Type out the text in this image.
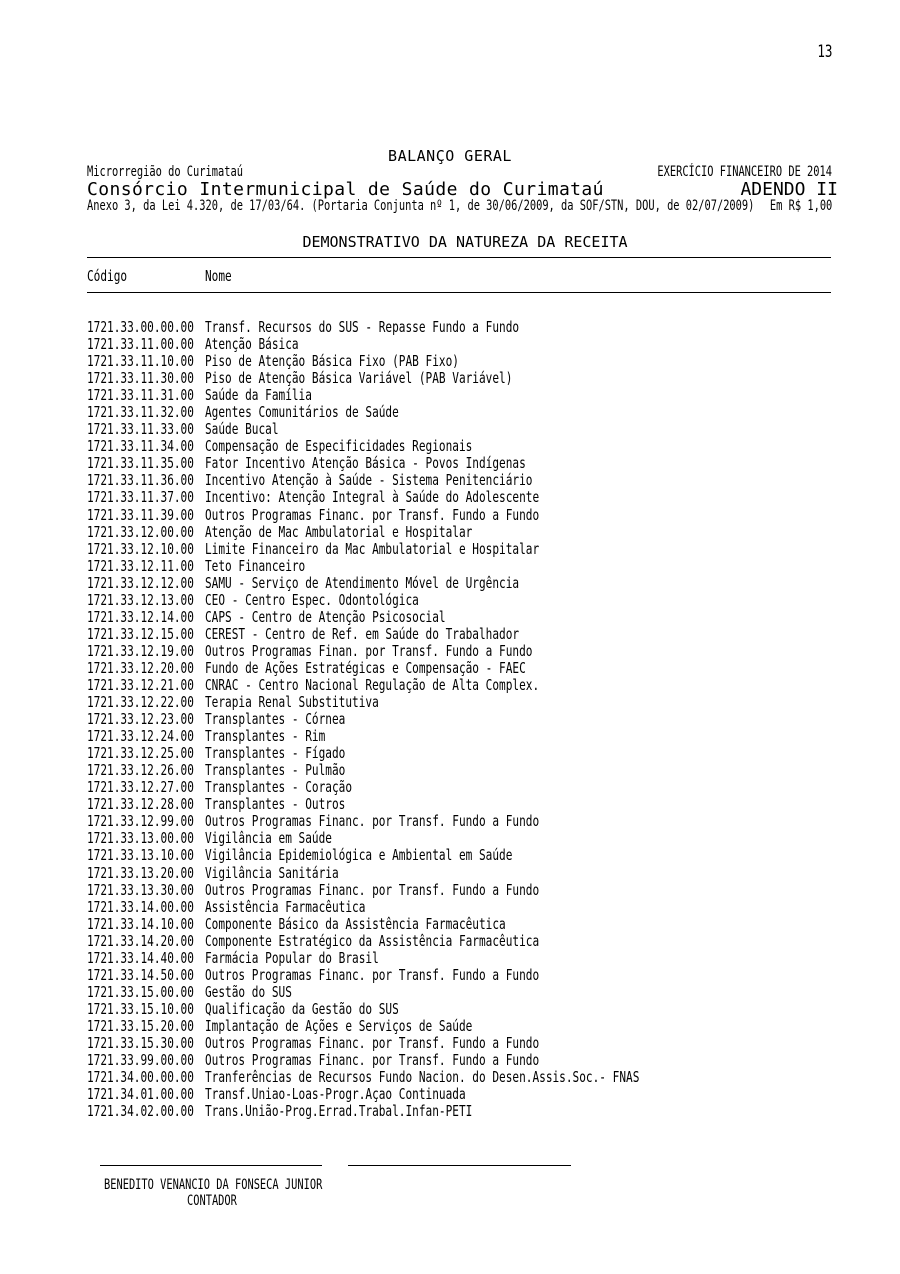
13
BALANÇO GERAL
Microrregião do Curimataú	EXERCÍCIO FINANCEIRO DE 2014
Consórcio Intermunicipal de Saúde do Curimataú	ADENDO II
Anexo 3, da Lei 4.320, de 17/03/64. (Portaria Conjunta nº 1, de 30/06/2009, da SOF/STN, DOU, de 02/07/2009)	Em R$ 1,00
DEMONSTRATIVO DA NATUREZA DA RECEITA
Código	Nome
1721.33.00.00.00 Transf. Recursos do SUS - Repasse Fundo a Fundo
1721.33.11.00.00 Atenção Básica
1721.33.11.10.00 Piso de Atenção Básica Fixo (PAB Fixo)
1721.33.11.30.00 Piso de Atenção Básica Variável (PAB Variável)
1721.33.11.31.00 Saúde da Família
1721.33.11.32.00 Agentes Comunitários de Saúde
1721.33.11.33.00 Saúde Bucal
1721.33.11.34.00 Compensação de Especificidades Regionais
1721.33.11.35.00 Fator Incentivo Atenção Básica - Povos Indígenas
1721.33.11.36.00 Incentivo Atenção à Saúde - Sistema Penitenciário
1721.33.11.37.00 Incentivo: Atenção Integral à Saúde do Adolescente
1721.33.11.39.00 Outros Programas Financ. por Transf. Fundo a Fundo
1721.33.12.00.00 Atenção de Mac Ambulatorial e Hospitalar
1721.33.12.10.00 Limite Financeiro da Mac Ambulatorial e Hospitalar
1721.33.12.11.00 Teto Financeiro
1721.33.12.12.00 SAMU - Serviço de Atendimento Móvel de Urgência
1721.33.12.13.00 CEO - Centro Espec. Odontológica
1721.33.12.14.00 CAPS - Centro de Atenção Psicosocial
1721.33.12.15.00 CEREST - Centro de Ref. em Saúde do Trabalhador
1721.33.12.19.00 Outros Programas Finan. por Transf. Fundo a Fundo
1721.33.12.20.00 Fundo de Ações Estratégicas e Compensação - FAEC
1721.33.12.21.00 CNRAC - Centro Nacional Regulação de Alta Complex.
1721.33.12.22.00 Terapia Renal Substitutiva
1721.33.12.23.00 Transplantes - Córnea
1721.33.12.24.00 Transplantes - Rim
1721.33.12.25.00 Transplantes - Fígado
1721.33.12.26.00 Transplantes - Pulmão
1721.33.12.27.00 Transplantes - Coração
1721.33.12.28.00 Transplantes - Outros
1721.33.12.99.00 Outros Programas Financ. por Transf. Fundo a Fundo
1721.33.13.00.00 Vigilância em Saúde
1721.33.13.10.00 Vigilância Epidemiológica e Ambiental em Saúde
1721.33.13.20.00 Vigilância Sanitária
1721.33.13.30.00 Outros Programas Financ. por Transf. Fundo a Fundo
1721.33.14.00.00 Assistência Farmacêutica
1721.33.14.10.00 Componente Básico da Assistência Farmacêutica
1721.33.14.20.00 Componente Estratégico da Assistência Farmacêutica
1721.33.14.40.00 Farmácia Popular do Brasil
1721.33.14.50.00 Outros Programas Financ. por Transf. Fundo a Fundo
1721.33.15.00.00 Gestão do SUS
1721.33.15.10.00 Qualificação da Gestão do SUS
1721.33.15.20.00 Implantação de Ações e Serviços de Saúde
1721.33.15.30.00 Outros Programas Financ. por Transf. Fundo a Fundo
1721.33.99.00.00 Outros Programas Financ. por Transf. Fundo a Fundo
1721.34.00.00.00 Tranferências de Recursos Fundo Nacion. do Desen.Assis.Soc.- FNAS
1721.34.01.00.00 Transf.Uniao-Loas-Progr.Açao Continuada
1721.34.02.00.00 Trans.União-Prog.Errad.Trabal.Infan-PETI
BENEDITO VENANCIO DA FONSECA JUNIOR
CONTADOR
